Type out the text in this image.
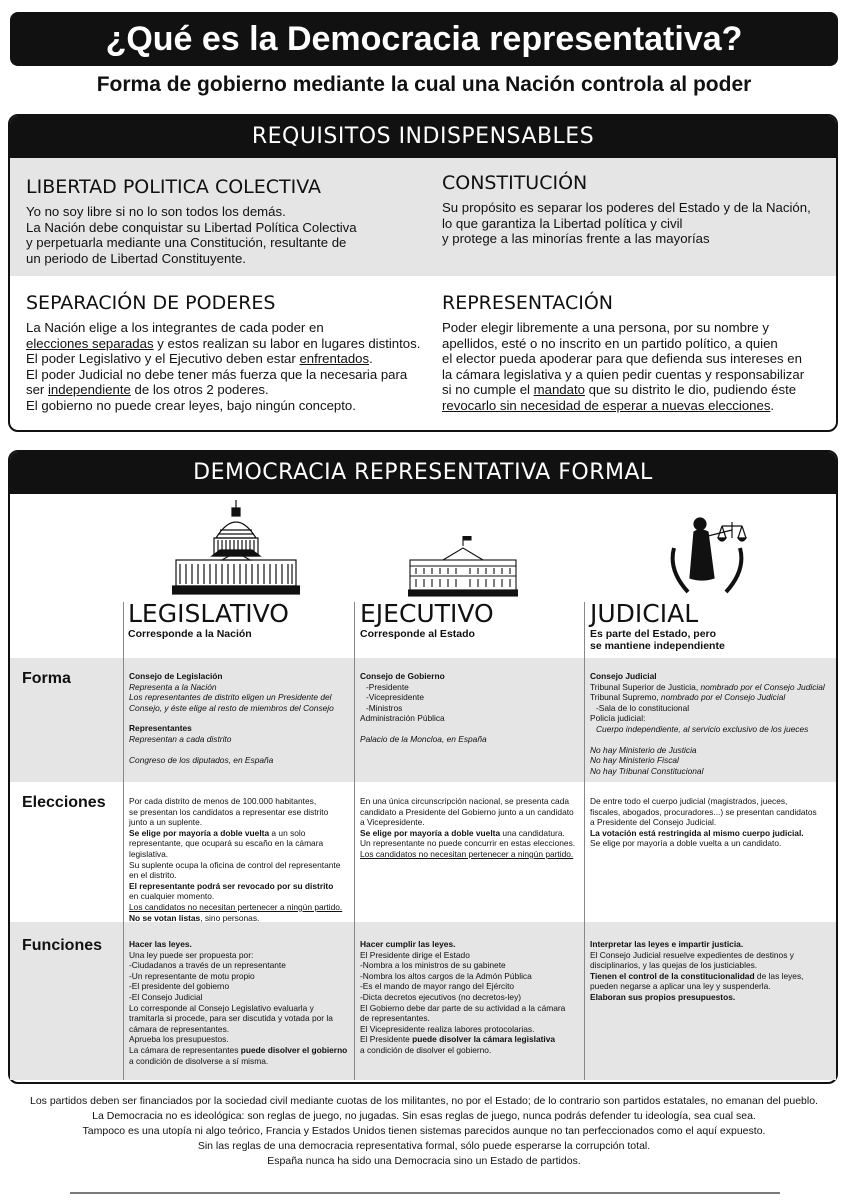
¿Qué es la Democracia representativa?
Forma de gobierno mediante la cual una Nación controla al poder
REQUISITOS INDISPENSABLES
LIBERTAD POLITICA COLECTIVA
Yo no soy libre si no lo son todos los demás.
La Nación debe conquistar su Libertad Política Colectiva
y perpetuarla mediante una Constitución, resultante de
un periodo de Libertad Constituyente.
CONSTITUCIÓN
Su propósito es separar los poderes del Estado y de la Nación,
lo que garantiza la Libertad política y civil
y protege a las minorías frente a las mayorías
SEPARACIÓN DE PODERES
La Nación elige a los integrantes de cada poder en
elecciones separadas y estos realizan su labor en lugares distintos.
El poder Legislativo y el Ejecutivo deben estar enfrentados.
El poder Judicial no debe tener más fuerza que la necesaria para
ser independiente de los otros 2 poderes.
El gobierno no puede crear leyes, bajo ningún concepto.
REPRESENTACIÓN
Poder elegir libremente a una persona, por su nombre y
apellidos, esté o no inscrito en un partido político, a quien
el elector pueda apoderar para que defienda sus intereses en
la cámara legislativa y a quien pedir cuentas y responsabilizar
si no cumple el mandato que su distrito le dio, pudiendo éste
revocarlo sin necesidad de esperar a nuevas elecciones.
DEMOCRACIA REPRESENTATIVA FORMAL
LEGISLATIVO
Corresponde a la Nación
EJECUTIVO
Corresponde al Estado
JUDICIAL
Es parte del Estado, pero
se mantiene independiente
Forma
Elecciones
Funciones
Consejo de Legislación
Representa a la Nación
Los representantes de distrito eligen un Presidente del
Consejo, y éste elige al resto de miembros del Consejo
Representantes
Representan a cada distrito
Congreso de los diputados, en España
Consejo de Gobierno
-Presidente
-Vicepresidente
-Ministros
Administración Pública
Palacio de la Moncloa, en España
Consejo Judicial
Tribunal Superior de Justicia, nombrado por el Consejo Judicial
Tribunal Supremo, nombrado por el Consejo Judicial
-Sala de lo constitucional
Policía judicial:
Cuerpo independiente, al servicio exclusivo de los jueces
No hay Ministerio de Justicia
No hay Ministerio Fiscal
No hay Tribunal Constitucional
Por cada distrito de menos de 100.000 habitantes,
se presentan los candidatos a representar ese distrito
junto a un suplente.
Se elige por mayoría a doble vuelta a un solo
representante, que ocupará su escaño en la cámara
legislativa.
Su suplente ocupa la oficina de control del representante
en el distrito.
El representante podrá ser revocado por su distrito
en cualquier momento.
Los candidatos no necesitan pertenecer a ningún partido.
No se votan listas, sino personas.
En una única circunscripción nacional, se presenta cada
candidato a Presidente del Gobierno junto a un candidato
a Vicepresidente.
Se elige por mayoría a doble vuelta una candidatura.
Un representante no puede concurrir en estas elecciones.
Los candidatos no necesitan pertenecer a ningún partido.
De entre todo el cuerpo judicial (magistrados, jueces,
fiscales, abogados, procuradores...) se presentan candidatos
a Presidente del Consejo Judicial.
La votación está restringida al mismo cuerpo judicial.
Se elige por mayoría a doble vuelta a un candidato.
Hacer las leyes.
Una ley puede ser propuesta por:
-Ciudadanos a través de un representante
-Un representante de motu propio
-El presidente del gobierno
-El Consejo Judicial
Lo corresponde al Consejo Legislativo evaluarla y
tramitarla si procede, para ser discutida y votada por la
cámara de representantes.
Aprueba los presupuestos.
La cámara de representantes puede disolver el gobierno
a condición de disolverse a sí misma.
Hacer cumplir las leyes.
El Presidente dirige el Estado
-Nombra a los ministros de su gabinete
-Nombra los altos cargos de la Admón Pública
-Es el mando de mayor rango del Ejército
-Dicta decretos ejecutivos (no decretos-ley)
El Gobierno debe dar parte de su actividad a la cámara
de representantes.
El Vicepresidente realiza labores protocolarias.
El Presidente puede disolver la cámara legislativa
a condición de disolver el gobierno.
Interpretar las leyes e impartir justicia.
El Consejo Judicial resuelve expedientes de destinos y
disciplinarios, y las quejas de los justiciables.
Tienen el control de la constitucionalidad de las leyes,
pueden negarse a aplicar una ley y suspenderla.
Elaboran sus propios presupuestos.
Los partidos deben ser financiados por la sociedad civil mediante cuotas de los militantes, no por el Estado; de lo contrario son partidos estatales, no emanan del pueblo.
La Democracia no es ideológica: son reglas de juego, no jugadas. Sin esas reglas de juego, nunca podrás defender tu ideología, sea cual sea.
Tampoco es una utopía ni algo teórico, Francia y Estados Unidos tienen sistemas parecidos aunque no tan perfeccionados como el aquí expuesto.
Sin las reglas de una democracia representativa formal, sólo puede esperarse la corrupción total.
España nunca ha sido una Democracia sino un Estado de partidos.
